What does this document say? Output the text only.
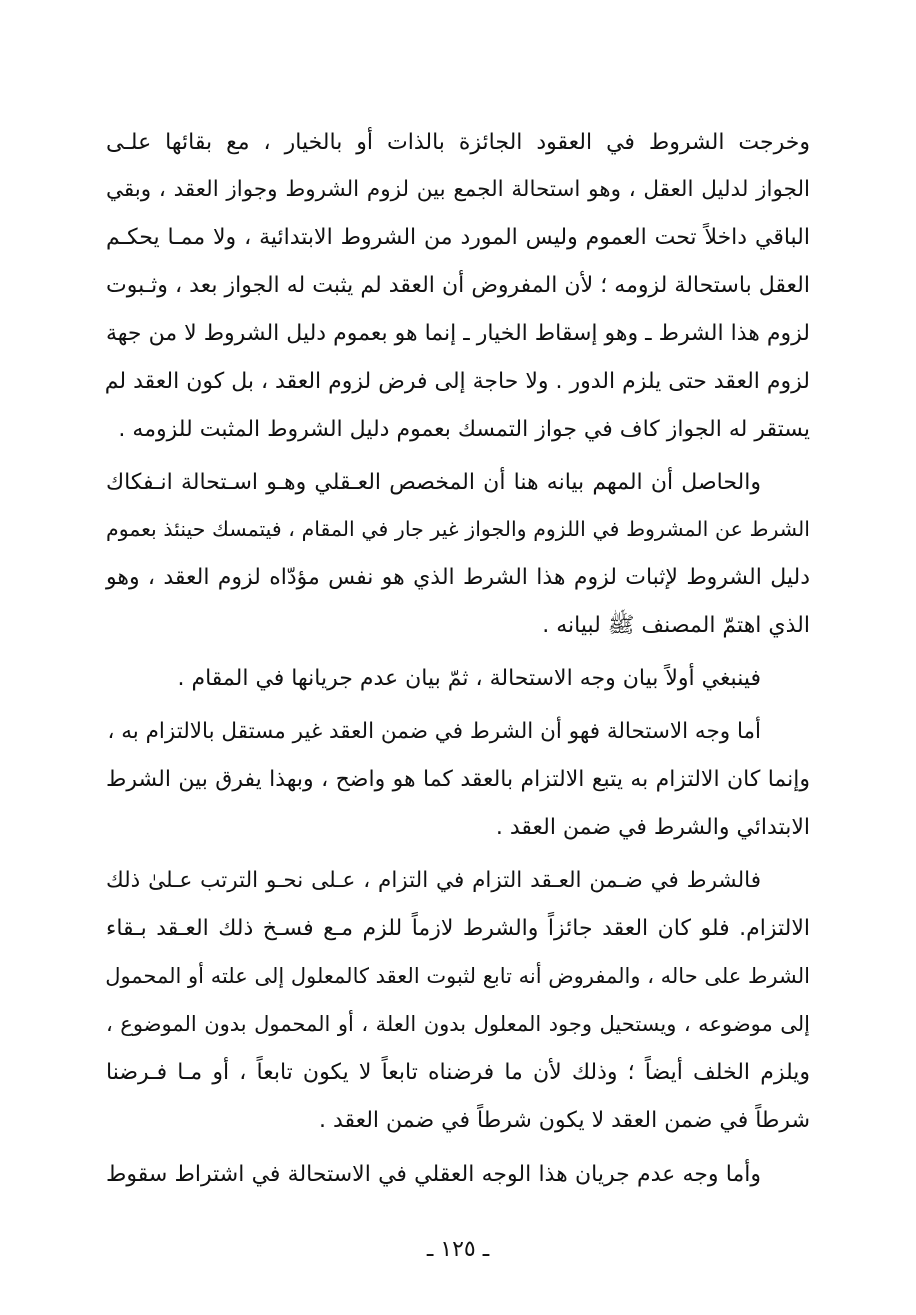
وخرجت الشروط في العقود الجائزة بالذات أو بالخيار ، مع بقائها علـى

الجواز لدليل العقل ، وهو استحالة الجمع بين لزوم الشروط وجواز العقد ، وبقي

الباقي داخلاً تحت العموم وليس المورد من الشروط الابتدائية ، ولا ممـا يحكـم

العقل باستحالة لزومه ؛ لأن المفروض أن العقد لم يثبت له الجواز بعد ، وثـبوت

لزوم هذا الشرط ـ وهو إسقاط الخيار ـ إنما هو بعموم دليل الشروط لا من جهة

لزوم العقد حتى يلزم الدور . ولا حاجة إلى فرض لزوم العقد ، بل كون العقد لم

يستقر له الجواز كاف في جواز التمسك بعموم دليل الشروط المثبت للزومه .

والحاصل أن المهم بيانه هنا أن المخصص العـقلي وهـو اسـتحالة انـفكاك

الشرط عن المشروط في اللزوم والجواز غير جار في المقام ، فيتمسك حينئذ بعموم

دليل الشروط لإثبات لزوم هذا الشرط الذي هو نفس مؤدّاه لزوم العقد ، وهو

الذي اهتمّ المصنف ﷺ لبيانه .

فينبغي أولاً بيان وجه الاستحالة ، ثمّ بيان عدم جريانها في المقام .

أما وجه الاستحالة فهو أن الشرط في ضمن العقد غير مستقل بالالتزام به ،

وإنما كان الالتزام به يتبع الالتزام بالعقد كما هو واضح ، وبهذا يفرق بين الشرط

الابتدائي والشرط في ضمن العقد .

فالشرط في ضـمن العـقد التزام في التزام ، عـلى نحـو الترتب عـلىٰ ذلك

الالتزام. فلو كان العقد جائزاً والشرط لازماً للزم مـع فسـخ ذلك العـقد بـقاء

الشرط على حاله ، والمفروض أنه تابع لثبوت العقد كالمعلول إلى علته أو المحمول

إلى موضوعه ، ويستحيل وجود المعلول بدون العلة ، أو المحمول بدون الموضوع ،

ويلزم الخلف أيضاً ؛ وذلك لأن ما فرضناه تابعاً لا يكون تابعاً ، أو مـا فـرضنا

شرطاً في ضمن العقد لا يكون شرطاً في ضمن العقد .

وأما وجه عدم جريان هذا الوجه العقلي في الاستحالة في اشتراط سقوط

ـ ١٢٥ ـ
